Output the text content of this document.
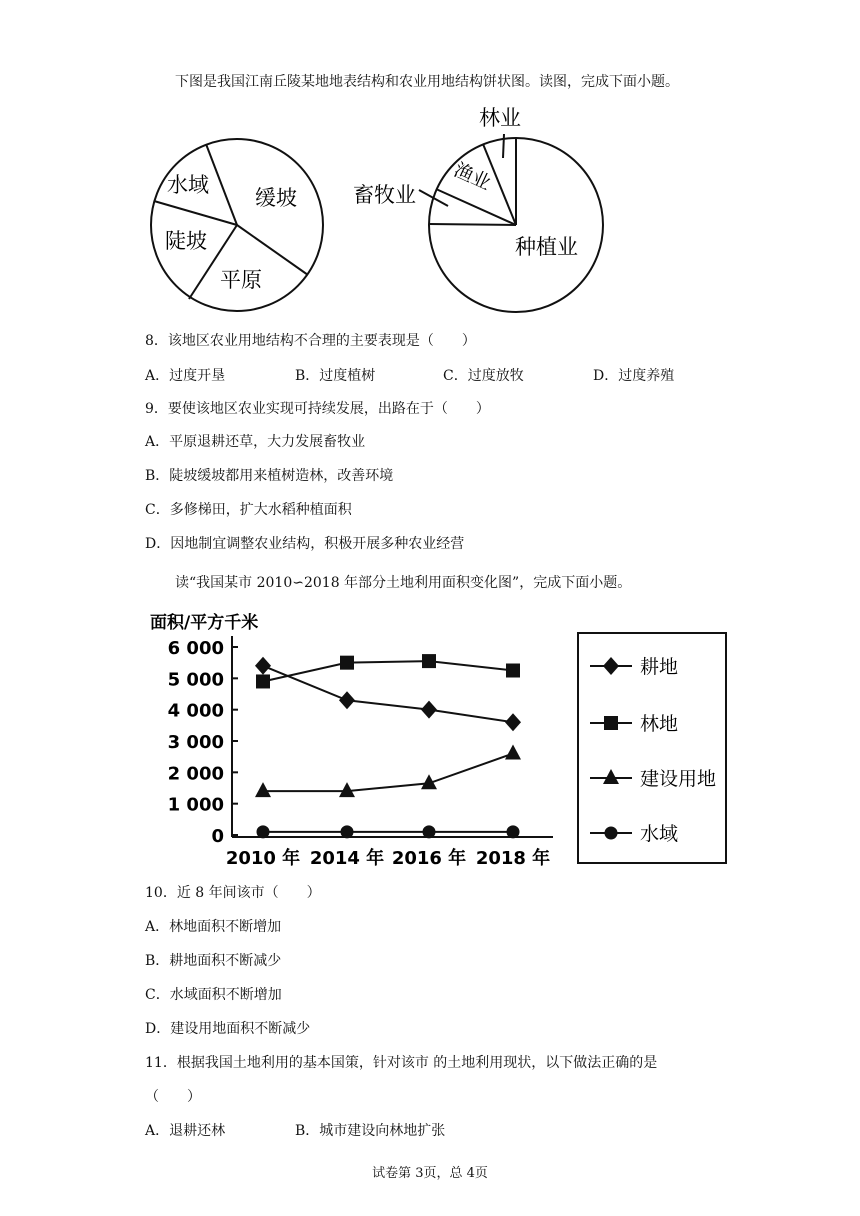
下图是我国江南丘陵某地地表结构和农业用地结构饼状图。读图，完成下面小题。
水域
缓坡
陡坡
平原
林业
渔业
畜牧业
种植业
8．该地区农业用地结构不合理的主要表现是（　　）
A．过度开垦	B．过度植树	C．过度放牧	D．过度养殖
9．要使该地区农业实现可持续发展，出路在于（　　）
A．平原退耕还草，大力发展畜牧业
B．陡坡缓坡都用来植树造林，改善环境
C．多修梯田，扩大水稻种植面积
D．因地制宜调整农业结构，积极开展多种农业经营
读“我国某市 2010∽2018 年部分土地利用面积变化图”，完成下面小题。
面积/平方千米
0
1 000
2 000
3 000
4 000
5 000
6 000
2010 年 2014 年 2016 年 2018 年
耕地
林地
建设用地
水域
10．近 8 年间该市（　　）
A．林地面积不断增加
B．耕地面积不断减少
C．水域面积不断增加
D．建设用地面积不断减少
11．根据我国土地利用的基本国策，针对该市 的土地利用现状，以下做法正确的是
（　　）
A．退耕还林	B．城市建设向林地扩张
试卷第 3页，总 4页
